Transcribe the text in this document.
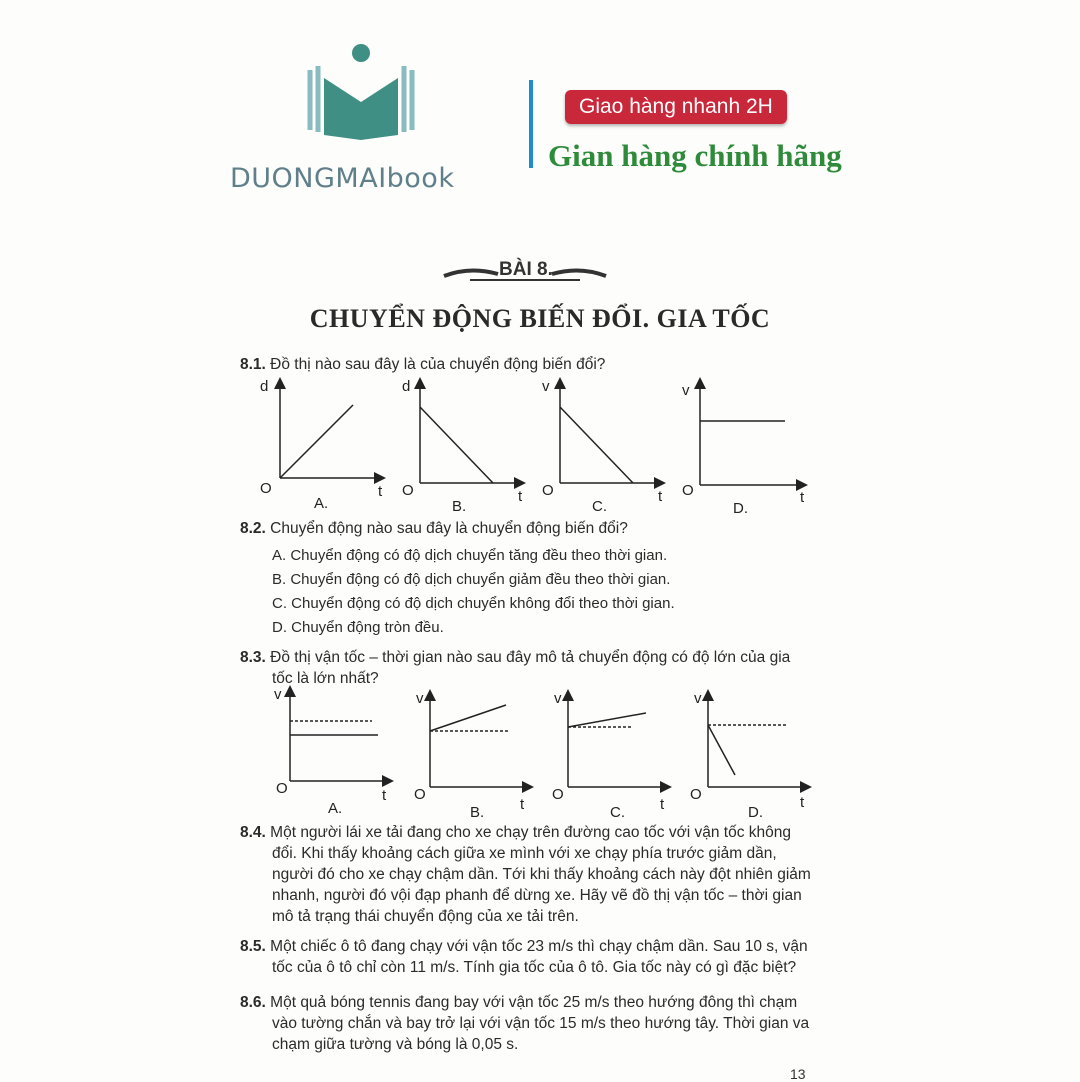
DUONGMAIbook
Giao hàng nhanh 2H
Gian hàng chính hãng
BÀI 8.
CHUYỂN ĐỘNG BIẾN ĐỔI. GIA TỐC
8.1. Đồ thị nào sau đây là của chuyển động biến đổi?
d
O	t
A.
d
O	t
B.
v
O	t
C.
v
O	t
D.
8.2. Chuyển động nào sau đây là chuyển động biến đổi?
A. Chuyển động có độ dịch chuyển tăng đều theo thời gian.
B. Chuyển động có độ dịch chuyển giảm đều theo thời gian.
C. Chuyển động có độ dịch chuyển không đổi theo thời gian.
D. Chuyển động tròn đều.
8.3. Đồ thị vận tốc – thời gian nào sau đây mô tả chuyển động có độ lớn của gia
tốc là lớn nhất?
v
O	t
A.
v
O
t
B.
v
O
t
C.
v
O	t
D.
8.4. Một người lái xe tải đang cho xe chạy trên đường cao tốc với vận tốc không
đổi. Khi thấy khoảng cách giữa xe mình với xe chạy phía trước giảm dần,
người đó cho xe chạy chậm dần. Tới khi thấy khoảng cách này đột nhiên giảm
nhanh, người đó vội đạp phanh để dừng xe. Hãy vẽ đồ thị vận tốc – thời gian
mô tả trạng thái chuyển động của xe tải trên.
8.5. Một chiếc ô tô đang chạy với vận tốc 23 m/s thì chạy chậm dần. Sau 10 s, vận
tốc của ô tô chỉ còn 11 m/s. Tính gia tốc của ô tô. Gia tốc này có gì đặc biệt?
8.6. Một quả bóng tennis đang bay với vận tốc 25 m/s theo hướng đông thì chạm
vào tường chắn và bay trở lại với vận tốc 15 m/s theo hướng tây. Thời gian va
chạm giữa tường và bóng là 0,05 s.
13
